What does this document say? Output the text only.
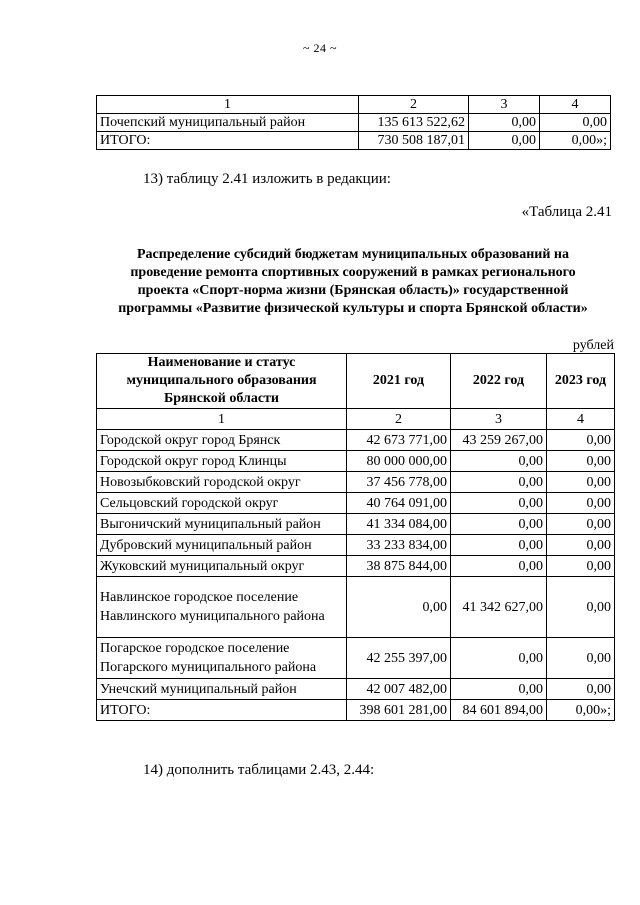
~ 24 ~
1	2	3	4
Почепский муниципальный район	135 613 522,62	0,00	0,00
ИТОГО:	730 508 187,01	0,00	0,00»;
13) таблицу 2.41 изложить в редакции:
«Таблица 2.41
Распределение субсидий бюджетам муниципальных образований на
проведение ремонта спортивных сооружений в рамках регионального
проекта «Спорт-норма жизни (Брянская область)» государственной
программы «Развитие физической культуры и спорта Брянской области»
рублей
Наименование и статус муниципального образования Брянской области	2021 год	2022 год	2023 год
1	2	3	4
Городской округ город Брянск	42 673 771,00	43 259 267,00	0,00
Городской округ город Клинцы	80 000 000,00	0,00	0,00
Новозыбковский городской округ	37 456 778,00	0,00	0,00
Сельцовский городской округ	40 764 091,00	0,00	0,00
Выгоничский муниципальный район	41 334 084,00	0,00	0,00
Дубровский муниципальный район	33 233 834,00	0,00	0,00
Жуковский муниципальный округ	38 875 844,00	0,00	0,00
Навлинское городское поселение Навлинского муниципального района	0,00	41 342 627,00	0,00
Погарское городское поселение Погарского муниципального района	42 255 397,00	0,00	0,00
Унечский муниципальный район	42 007 482,00	0,00	0,00
ИТОГО:	398 601 281,00	84 601 894,00	0,00»;
14) дополнить таблицами 2.43, 2.44:
